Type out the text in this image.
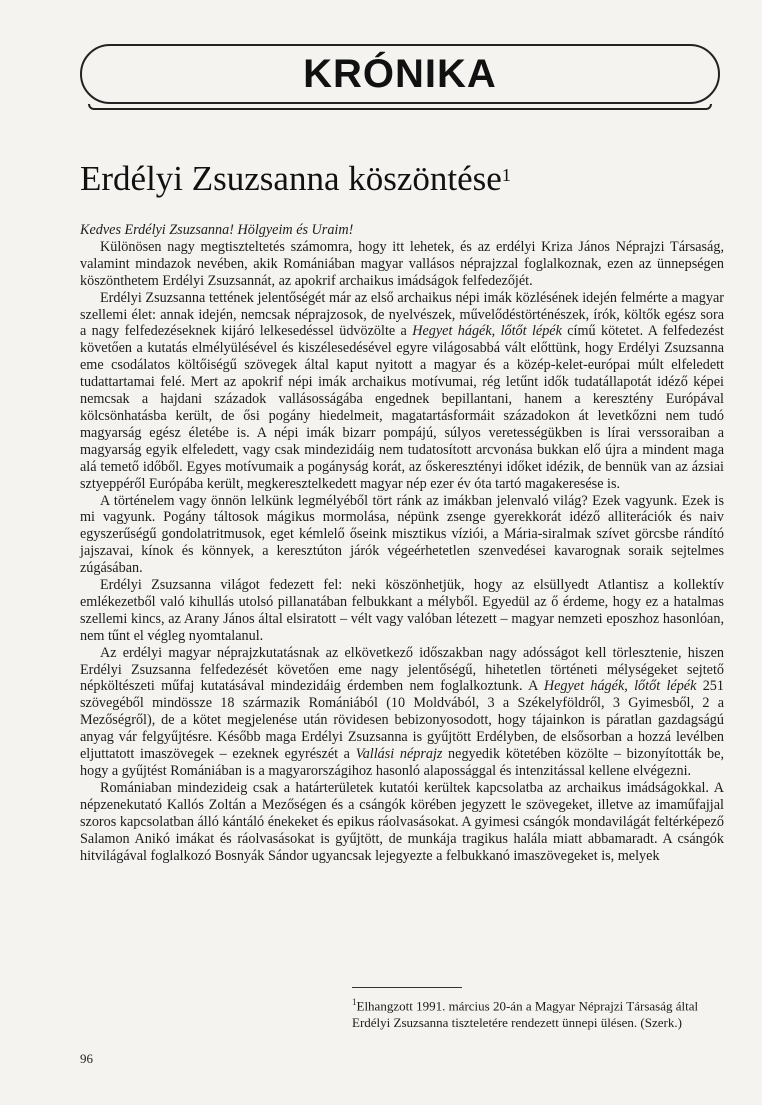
KRÓNIKA
Erdélyi Zsuzsanna köszöntése$^1$

Kedves Erdélyi Zsuzsanna! Hölgyeim és Uraim!

Különösen nagy megtiszteltetés számomra, hogy itt lehetek, és az erdélyi Kriza János Néprajzi Társaság, valamint mindazok nevében, akik Romániában magyar vallásos néprajzzal foglalkoznak, ezen az ünnepségen köszönthetem Erdélyi Zsuzsannát, az apokrif archaikus imádságok felfedezőjét.

Erdélyi Zsuzsanna tettének jelentőségét már az első archaikus népi imák közlésének idején felmérte a magyar szellemi élet: annak idején, nemcsak néprajzosok, de nyelvészek, művelődéstörténészek, írók, költők egész sora a nagy felfedezéseknek kijáró lelkesedéssel üdvözölte a Hegyet hágék, lőtőt lépék című kötetet. A felfedezést követően a kutatás elmélyülésével és kiszélesedésével egyre világosabbá vált előttünk, hogy Erdélyi Zsuzsanna eme csodálatos költőiségű szövegek által kaput nyitott a magyar és a közép-kelet-európai múlt elfeledett tudattartamai felé. Mert az apokrif népi imák archaikus motívumai, rég letűnt idők tudatállapotát idéző képei nemcsak a hajdani századok vallásosságába engednek bepillantani, hanem a keresztény Európával kölcsönhatásba került, de ősi pogány hiedelmeit, magatartásformáit századokon át levetkőzni nem tudó magyarság egész életébe is. A népi imák bizarr pompájú, súlyos veretességükben is lírai verssoraiban a magyarság egyik elfeledett, vagy csak mindezidáig nem tudatosított arcvonása bukkan elő újra a mindent maga alá temető időből. Egyes motívumaik a pogányság korát, az őskeresztényi időket idézik, de bennük van az ázsiai sztyeppéről Európába került, megkeresztelkedett magyar nép ezer év óta tartó magakeresése is.

A történelem vagy önnön lelkünk legmélyéből tört ránk az imákban jelenvaló világ? Ezek vagyunk. Ezek is mi vagyunk. Pogány táltosok mágikus mormolása, népünk zsenge gyerekkorát idéző alliterációk és naiv egyszerűségű gondolatritmusok, eget kémlelő őseink misztikus víziói, a Mária-siralmak szívet görcsbe rándító jajszavai, kínok és könnyek, a keresztúton járók végeérhetetlen szenvedései kavarognak soraik sejtelmes zúgásában.

Erdélyi Zsuzsanna világot fedezett fel: neki köszönhetjük, hogy az elsüllyedt Atlantisz a kollektív emlékezetből való kihullás utolsó pillanatában felbukkant a mélyből. Egyedül az ő érdeme, hogy ez a hatalmas szellemi kincs, az Arany János által elsiratott – vélt vagy valóban létezett – magyar nemzeti eposzhoz hasonlóan, nem tűnt el végleg nyomtalanul.

Az erdélyi magyar néprajzkutatásnak az elkövetkező időszakban nagy adósságot kell törlesztenie, hiszen Erdélyi Zsuzsanna felfedezését követően eme nagy jelentőségű, hihetetlen történeti mélységeket sejtető népköltészeti műfaj kutatásával mindezidáig érdemben nem foglalkoztunk. A Hegyet hágék, lőtőt lépék 251 szövegéből mindössze 18 származik Romániából (10 Moldvából, 3 a Székelyföldről, 3 Gyimesből, 2 a Mezőségről), de a kötet megjelenése után rövidesen bebizonyosodott, hogy tájainkon is páratlan gazdagságú anyag vár felgyűjtésre. Később maga Erdélyi Zsuzsanna is gyűjtött Erdélyben, de elsősorban a hozzá levélben eljuttatott imaszövegek – ezeknek egyrészét a Vallási néprajz negyedik kötetében közölte – bizonyították be, hogy a gyűjtést Romániában is a magyarországihoz hasonló alapossággal és intenzitással kellene elvégezni.

Romániaban mindezideig csak a határterületek kutatói kerültek kapcsolatba az archaikus imádságokkal. A népzenekutató Kallós Zoltán a Mezőségen és a csángók körében jegyzett le szövegeket, illetve az imaműfajjal szoros kapcsolatban álló kántáló énekeket és epikus ráolvasásokat. A gyimesi csángók mondavilágát feltérképező Salamon Anikó imákat és ráolvasásokat is gyűjtött, de munkája tragikus halála miatt abbamaradt. A csángók hitvilágával foglalkozó Bosnyák Sándor ugyancsak lejegyezte a felbukkanó imaszövegeket is, melyek

$^1$Elhangzott 1991. március 20-án a Magyar Néprajzi Társaság által Erdélyi Zsuzsanna tiszteletére rendezett ünnepi ülésen. (Szerk.)

96
